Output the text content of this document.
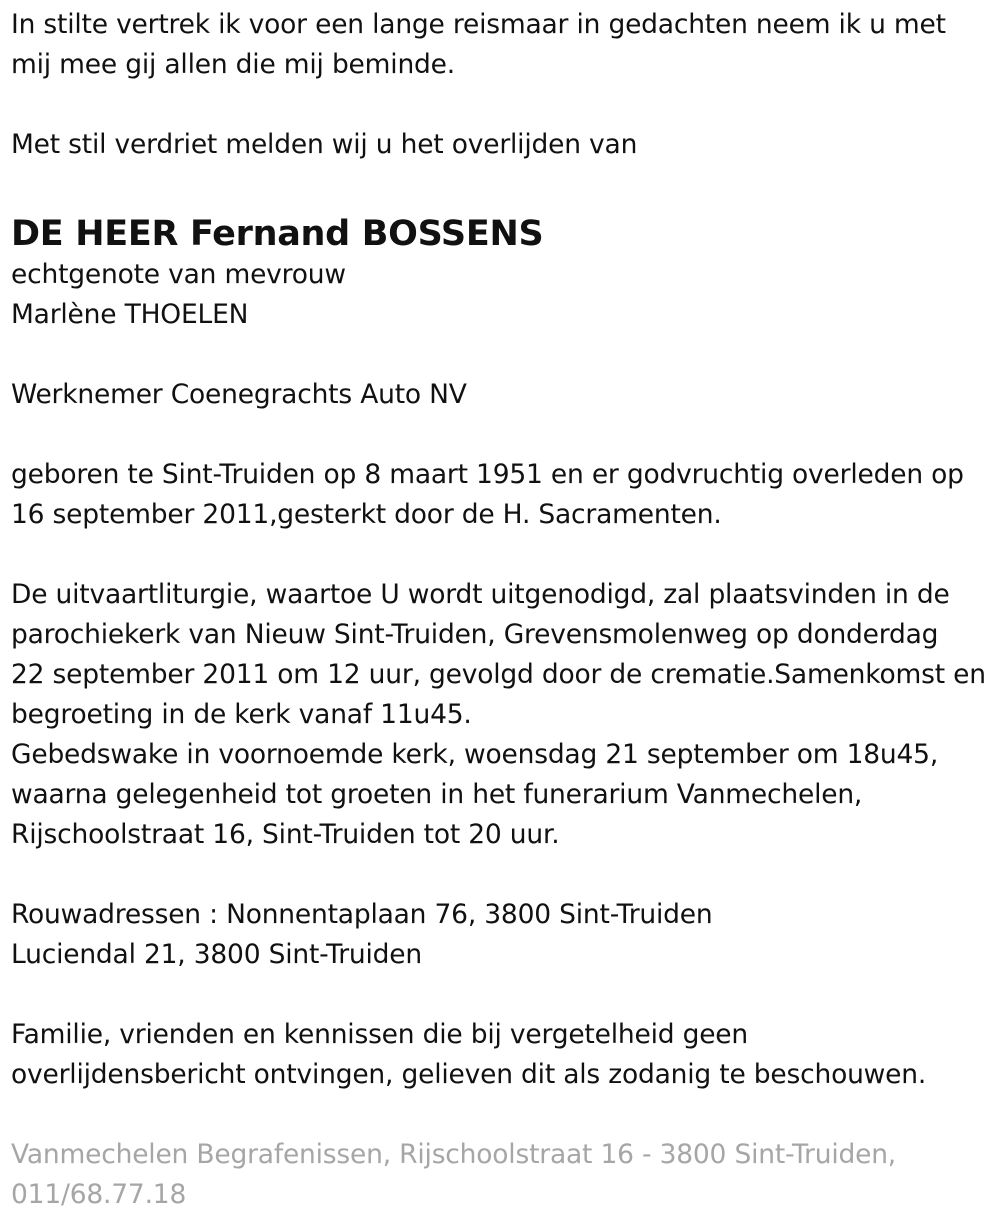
In stilte vertrek ik voor een lange reismaar in gedachten neem ik u met
mij mee gij allen die mij beminde.
Met stil verdriet melden wij u het overlijden van
DE HEER Fernand BOSSENS
echtgenote van mevrouw
Marlène THOELEN
Werknemer Coenegrachts Auto NV
geboren te Sint-Truiden op 8 maart 1951 en er godvruchtig overleden op
16 september 2011,gesterkt door de H. Sacramenten.
De uitvaartliturgie, waartoe U wordt uitgenodigd, zal plaatsvinden in de
parochiekerk van Nieuw Sint-Truiden, Grevensmolenweg op donderdag
22 september 2011 om 12 uur, gevolgd door de crematie.Samenkomst en
begroeting in de kerk vanaf 11u45.
Gebedswake in voornoemde kerk, woensdag 21 september om 18u45,
waarna gelegenheid tot groeten in het funerarium Vanmechelen,
Rijschoolstraat 16, Sint-Truiden tot 20 uur.
Rouwadressen : Nonnentaplaan 76, 3800 Sint-Truiden
Luciendal 21, 3800 Sint-Truiden
Familie, vrienden en kennissen die bij vergetelheid geen
overlijdensbericht ontvingen, gelieven dit als zodanig te beschouwen.
Vanmechelen Begrafenissen, Rijschoolstraat 16 - 3800 Sint-Truiden,
011/68.77.18
